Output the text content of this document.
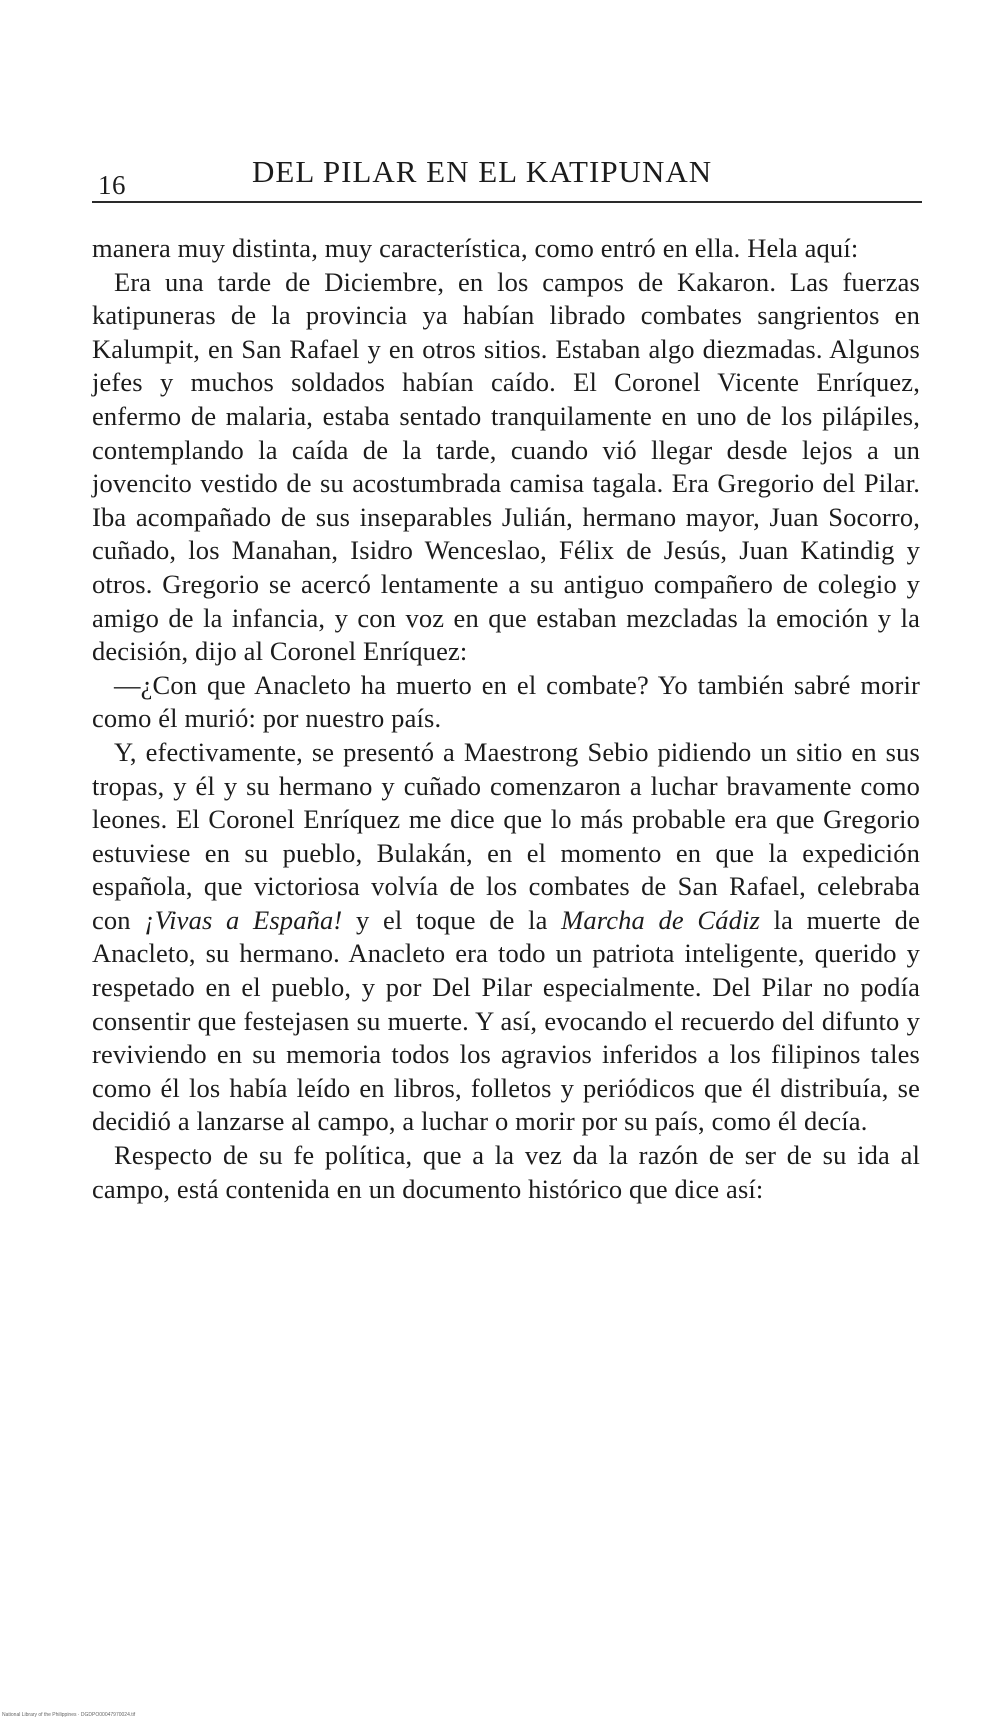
16	DEL PILAR EN EL KATIPUNAN

manera muy distinta, muy característica, como entró en ella. Hela aquí:

Era una tarde de Diciembre, en los campos de Kakaron. Las fuerzas katipuneras de la provincia ya habían librado combates sangrientos en Kalumpit, en San Rafael y en otros sitios. Estaban algo diezmadas. Algunos jefes y muchos soldados habían caído. El Coronel Vicente Enríquez, enfermo de malaria, estaba sentado tranquilamente en uno de los pilápiles, contemplando la caída de la tarde, cuando vió llegar desde lejos a un jovencito vestido de su acostumbrada camisa tagala. Era Gregorio del Pilar. Iba acompañado de sus inseparables Julián, hermano mayor, Juan Socorro, cuñado, los Manahan, Isidro Wenceslao, Félix de Jesús, Juan Katindig y otros. Gregorio se acercó lentamente a su antiguo compañero de colegio y amigo de la infancia, y con voz en que estaban mezcladas la emoción y la decisión, dijo al Coronel Enríquez:

—¿Con que Anacleto ha muerto en el combate? Yo también sabré morir como él murió: por nuestro país.

Y, efectivamente, se presentó a Maestrong Sebio pidiendo un sitio en sus tropas, y él y su hermano y cuñado comenzaron a luchar bravamente como leones. El Coronel Enríquez me dice que lo más probable era que Gregorio estuviese en su pueblo, Bulakán, en el momento en que la expedición española, que victoriosa volvía de los combates de San Rafael, celebraba con ¡Vivas a España! y el toque de la Marcha de Cádiz la muerte de Anacleto, su hermano. Anacleto era todo un patriota inteligente, querido y respetado en el pueblo, y por Del Pilar especialmente. Del Pilar no podía consentir que festejasen su muerte. Y así, evocando el recuerdo del difunto y reviviendo en su memoria todos los agravios inferidos a los filipinos tales como él los había leído en libros, folletos y periódicos que él distribuía, se decidió a lanzarse al campo, a luchar o morir por su país, como él decía.

Respecto de su fe política, que a la vez da la razón de ser de su ida al campo, está contenida en un documento histórico que dice así:

National Library of the Philippines · DGDPO00047970024.tif
